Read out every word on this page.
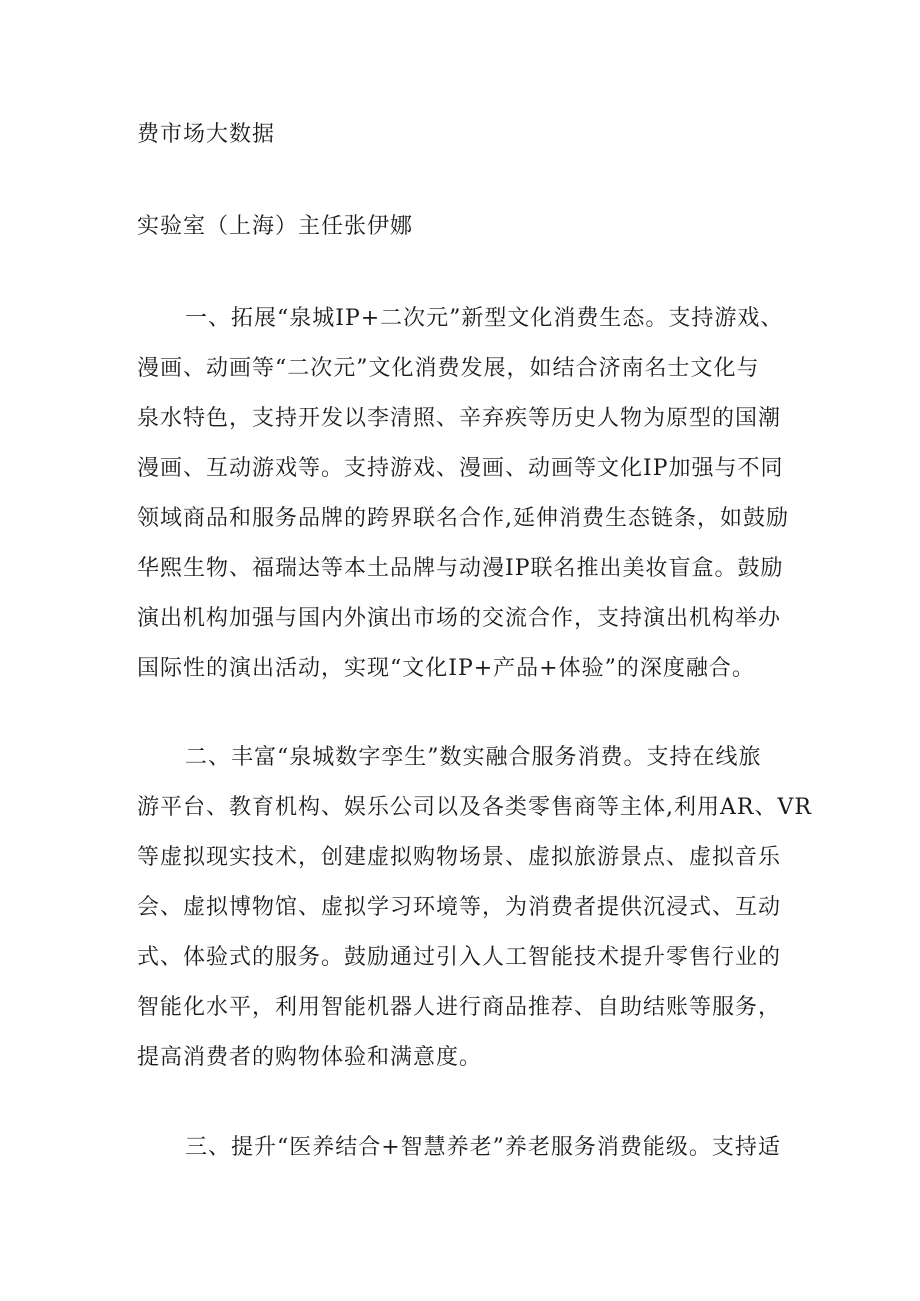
费市场大数据

实验室（上海）主任张伊娜

一、拓展“泉城IP+二次元”新型文化消费生态。支持游戏、

漫画、动画等“二次元”文化消费发展，如结合济南名士文化与

泉水特色，支持开发以李清照、辛弃疾等历史人物为原型的国潮

漫画、互动游戏等。支持游戏、漫画、动画等文化IP加强与不同

领域商品和服务品牌的跨界联名合作,延伸消费生态链条，如鼓励

华熙生物、福瑞达等本土品牌与动漫IP联名推出美妆盲盒。鼓励

演出机构加强与国内外演出市场的交流合作，支持演出机构举办

国际性的演出活动，实现“文化IP+产品+体验”的深度融合。

二、丰富“泉城数字孪生”数实融合服务消费。支持在线旅

游平台、教育机构、娱乐公司以及各类零售商等主体,利用AR、VR

等虚拟现实技术，创建虚拟购物场景、虚拟旅游景点、虚拟音乐

会、虚拟博物馆、虚拟学习环境等，为消费者提供沉浸式、互动

式、体验式的服务。鼓励通过引入人工智能技术提升零售行业的

智能化水平，利用智能机器人进行商品推荐、自助结账等服务，

提高消费者的购物体验和满意度。

三、提升“医养结合+智慧养老”养老服务消费能级。支持适
